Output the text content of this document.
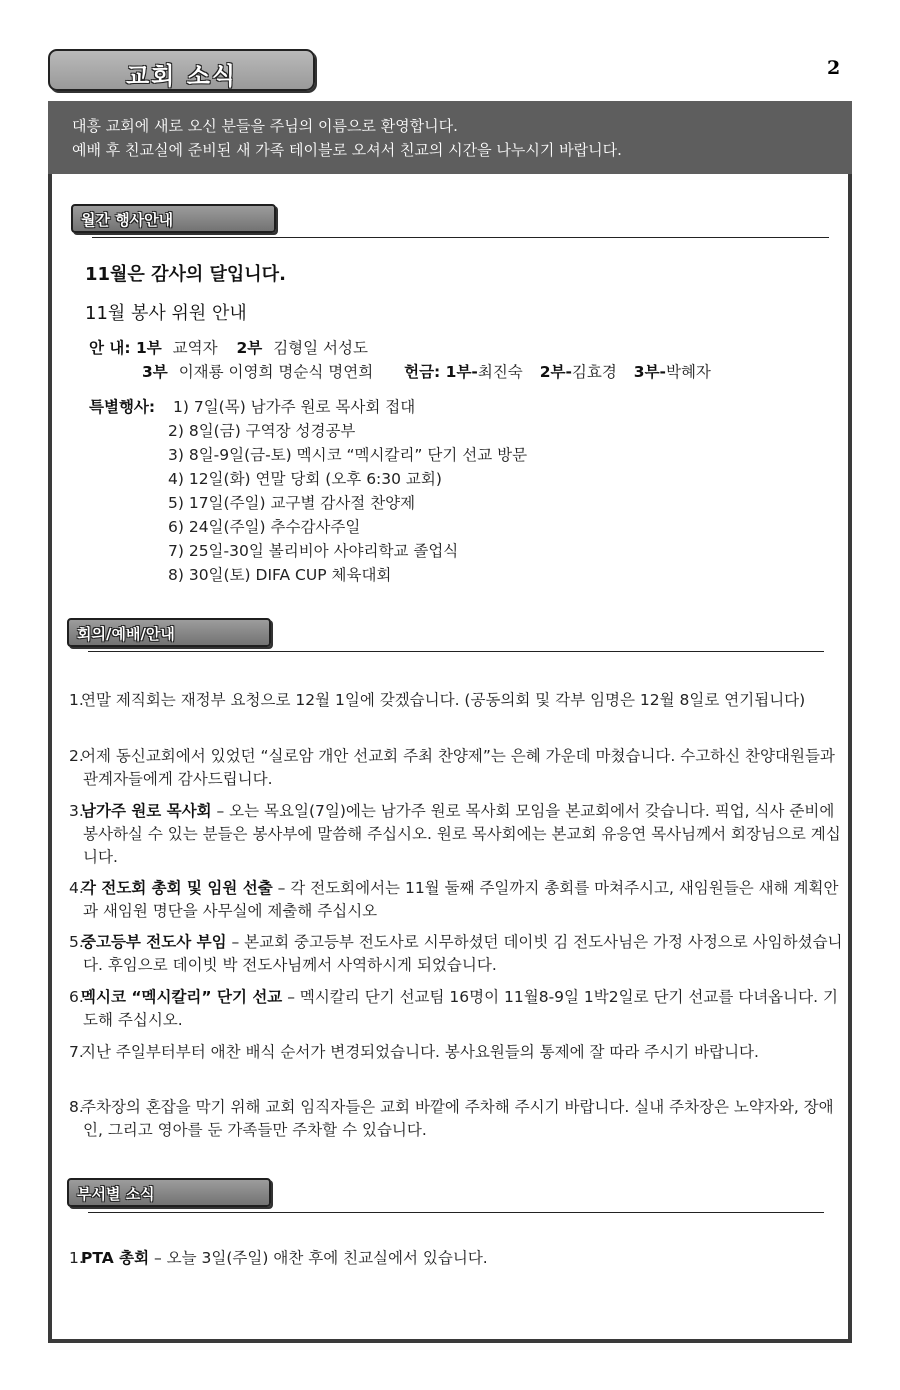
교회 소식	2
대흥 교회에 새로 오신 분들을 주님의 이름으로 환영합니다.
예배 후 친교실에 준비된 새 가족 테이블로 오셔서 친교의 시간을 나누시기 바랍니다.
월간 행사안내
11월은 감사의 달입니다.
11월 봉사 위원 안내
안 내: 1부 교역자 2부 김형일 서성도
3부 이재룡 이영희 명순식 명연희 헌금: 1부-최진숙 2부-김효경 3부-박혜자
특별행사: 1) 7일(목) 남가주 원로 목사회 접대
2) 8일(금) 구역장 성경공부
3) 8일-9일(금-토) 멕시코 “멕시칼리” 단기 선교 방문
4) 12일(화) 연말 당회 (오후 6:30 교회)
5) 17일(주일) 교구별 감사절 찬양제
6) 24일(주일) 추수감사주일
7) 25일-30일 볼리비아 사야리학교 졸업식
8) 30일(토) DIFA CUP 체육대회
회의/예배/안내
1.
연말 제직회는 재정부 요청으로 12월 1일에 갖겠습니다. (공동의회 및 각부 임명은 12월 8일로 연기됩니다)
2.
어제 동신교회에서 있었던 “실로암 개안 선교회 주최 찬양제”는 은혜 가운데 마쳤습니다. 수고하신 찬양대원들과 관계자들에게 감사드립니다.
3.
남가주 원로 목사회 – 오는 목요일(7일)에는 남가주 원로 목사회 모임을 본교회에서 갖습니다. 픽업, 식사 준비에 봉사하실 수 있는 분들은 봉사부에 말씀해 주십시오. 원로 목사회에는 본교회 유응연 목사님께서 회장님으로 계십니다.
4.
각 전도회 총회 및 임원 선출 – 각 전도회에서는 11월 둘째 주일까지 총회를 마쳐주시고, 새임원들은 새해 계획안과 새임원 명단을 사무실에 제출해 주십시오
5.
중고등부 전도사 부임 – 본교회 중고등부 전도사로 시무하셨던 데이빗 김 전도사님은 가정 사정으로 사임하셨습니다. 후임으로 데이빗 박 전도사님께서 사역하시게 되었습니다.
6.
멕시코 “멕시칼리” 단기 선교 – 멕시칼리 단기 선교팀 16명이 11월8-9일 1박2일로 단기 선교를 다녀옵니다. 기도해 주십시오.
7.
지난 주일부터부터 애찬 배식 순서가 변경되었습니다. 봉사요원들의 통제에 잘 따라 주시기 바랍니다.
8.
주차장의 혼잡을 막기 위해 교회 임직자들은 교회 바깥에 주차해 주시기 바랍니다. 실내 주차장은 노약자와, 장애인, 그리고 영아를 둔 가족들만 주차할 수 있습니다.
부서별 소식
1.
PTA 총회 – 오늘 3일(주일) 애찬 후에 친교실에서 있습니다.
